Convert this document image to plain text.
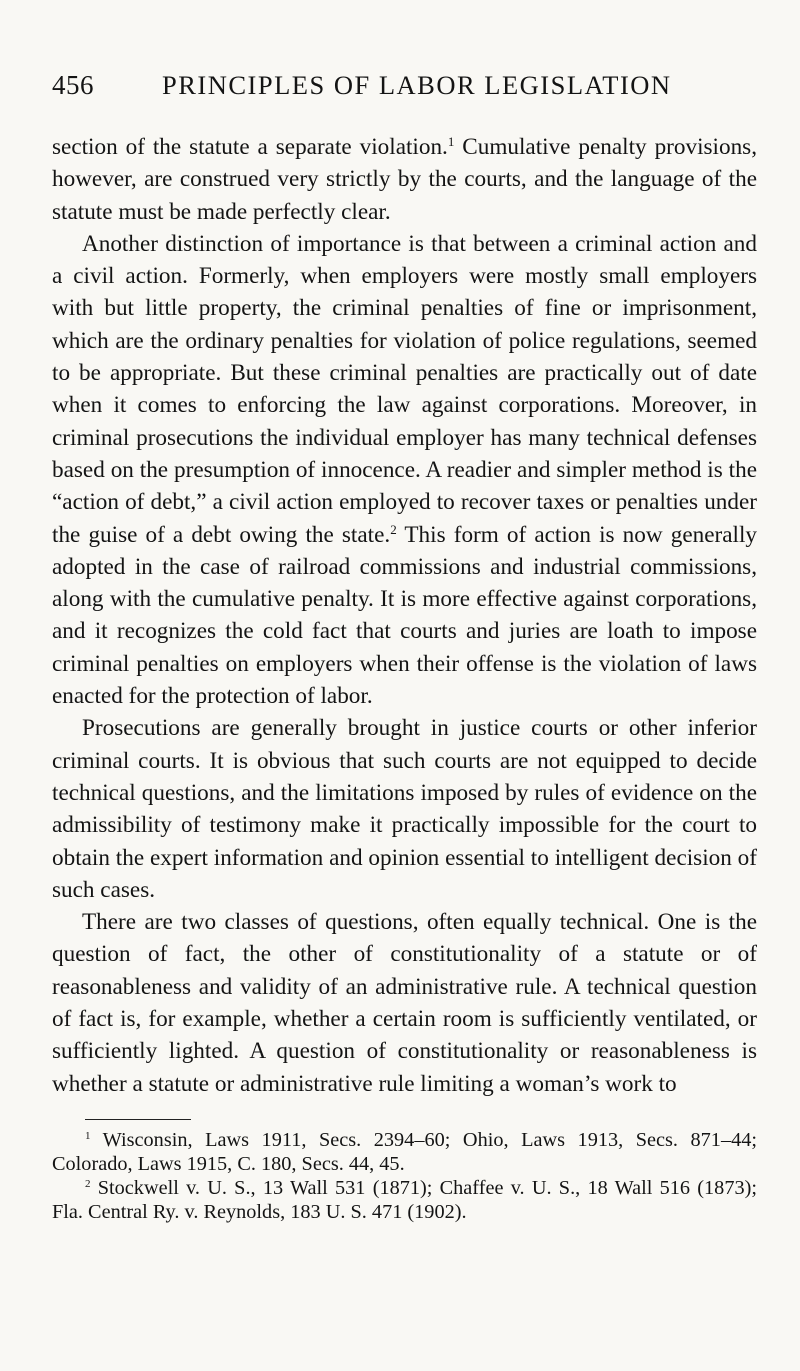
456	PRINCIPLES OF LABOR LEGISLATION

section of the statute a separate violation.$^1$ Cumulative penalty provisions, however, are construed very strictly by the courts, and the language of the statute must be made perfectly clear.

Another distinction of importance is that between a criminal action and a civil action. Formerly, when employers were mostly small employers with but little property, the criminal penalties of fine or imprisonment, which are the ordinary penalties for violation of police regulations, seemed to be appropriate. But these criminal penalties are practically out of date when it comes to enforcing the law against corporations. Moreover, in criminal prosecutions the individual employer has many technical defenses based on the presumption of innocence. A readier and simpler method is the “action of debt,” a civil action employed to recover taxes or penalties under the guise of a debt owing the state.$^2$ This form of action is now generally adopted in the case of railroad commissions and industrial commissions, along with the cumulative penalty. It is more effective against corporations, and it recognizes the cold fact that courts and juries are loath to impose criminal penalties on employers when their offense is the violation of laws enacted for the protection of labor.

Prosecutions are generally brought in justice courts or other inferior criminal courts. It is obvious that such courts are not equipped to decide technical questions, and the limitations imposed by rules of evidence on the admissibility of testimony make it practically impossible for the court to obtain the expert information and opinion essential to intelligent decision of such cases.

There are two classes of questions, often equally technical. One is the question of fact, the other of constitutionality of a statute or of reasonableness and validity of an administrative rule. A technical question of fact is, for example, whether a certain room is sufficiently ventilated, or sufficiently lighted. A question of constitutionality or reasonableness is whether a statute or administrative rule limiting a woman’s work to

$^1$ Wisconsin, Laws 1911, Secs. 2394–60; Ohio, Laws 1913, Secs. 871–44; Colorado, Laws 1915, C. 180, Secs. 44, 45.

$^2$ Stockwell v. U. S., 13 Wall 531 (1871); Chaffee v. U. S., 18 Wall 516 (1873); Fla. Central Ry. v. Reynolds, 183 U. S. 471 (1902).
